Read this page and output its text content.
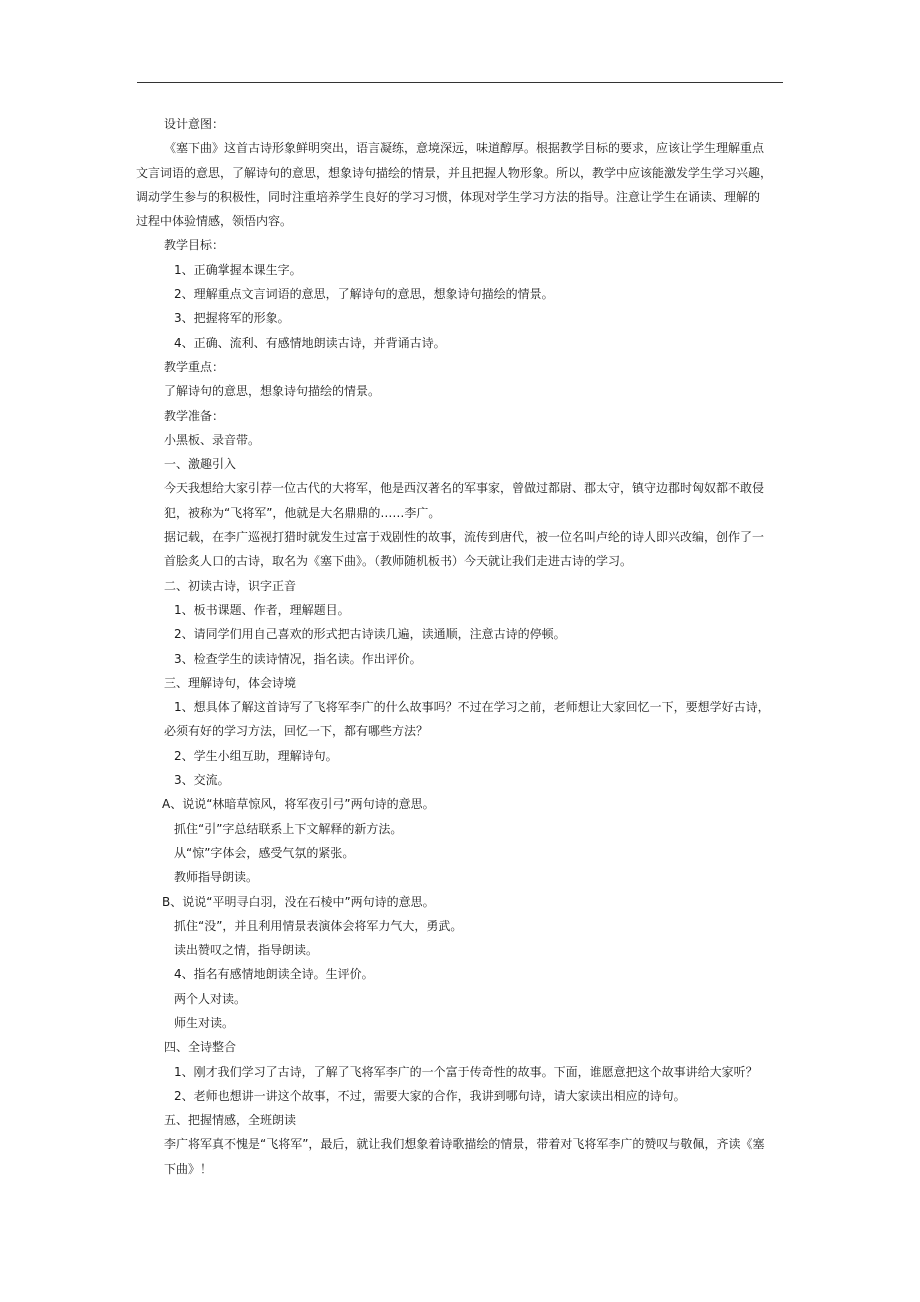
设计意图：
《塞下曲》这首古诗形象鲜明突出，语言凝练，意境深远，味道醇厚。根据教学目标的要求，应该让学生理解重点
文言词语的意思，了解诗句的意思，想象诗句描绘的情景，并且把握人物形象。所以，教学中应该能激发学生学习兴趣，
调动学生参与的积极性，同时注重培养学生良好的学习习惯，体现对学生学习方法的指导。注意让学生在诵读、理解的
过程中体验情感，领悟内容。
教学目标：
1、正确掌握本课生字。
2、理解重点文言词语的意思，了解诗句的意思，想象诗句描绘的情景。
3、把握将军的形象。
4、正确、流利、有感情地朗读古诗，并背诵古诗。
教学重点：
了解诗句的意思，想象诗句描绘的情景。
教学准备：
小黑板、录音带。
一、激趣引入
今天我想给大家引荐一位古代的大将军，他是西汉著名的军事家，曾做过都尉、郡太守，镇守边郡时匈奴都不敢侵
犯，被称为“飞将军”，他就是大名鼎鼎的……李广。
据记载，在李广巡视打猎时就发生过富于戏剧性的故事，流传到唐代，被一位名叫卢纶的诗人即兴改编，创作了一
首脍炙人口的古诗，取名为《塞下曲》。（教师随机板书）今天就让我们走进古诗的学习。
二、初读古诗，识字正音
1、板书课题、作者，理解题目。
2、请同学们用自己喜欢的形式把古诗读几遍，读通顺，注意古诗的停顿。
3、检查学生的读诗情况，指名读。作出评价。
三、理解诗句，体会诗境
1、想具体了解这首诗写了飞将军李广的什么故事吗？不过在学习之前，老师想让大家回忆一下，要想学好古诗，
必须有好的学习方法，回忆一下，都有哪些方法？
2、学生小组互助，理解诗句。
3、交流。
A、说说“林暗草惊风，将军夜引弓”两句诗的意思。
抓住“引”字总结联系上下文解释的新方法。
从“惊”字体会，感受气氛的紧张。
教师指导朗读。
B、说说“平明寻白羽，没在石棱中”两句诗的意思。
抓住“没”，并且利用情景表演体会将军力气大，勇武。
读出赞叹之情，指导朗读。
4、指名有感情地朗读全诗。生评价。
两个人对读。
师生对读。
四、全诗整合
1、刚才我们学习了古诗，了解了飞将军李广的一个富于传奇性的故事。下面，谁愿意把这个故事讲给大家听？
2、老师也想讲一讲这个故事，不过，需要大家的合作，我讲到哪句诗，请大家读出相应的诗句。
五、把握情感，全班朗读
李广将军真不愧是“飞将军”，最后，就让我们想象着诗歌描绘的情景，带着对飞将军李广的赞叹与敬佩，齐读《塞
下曲》！
